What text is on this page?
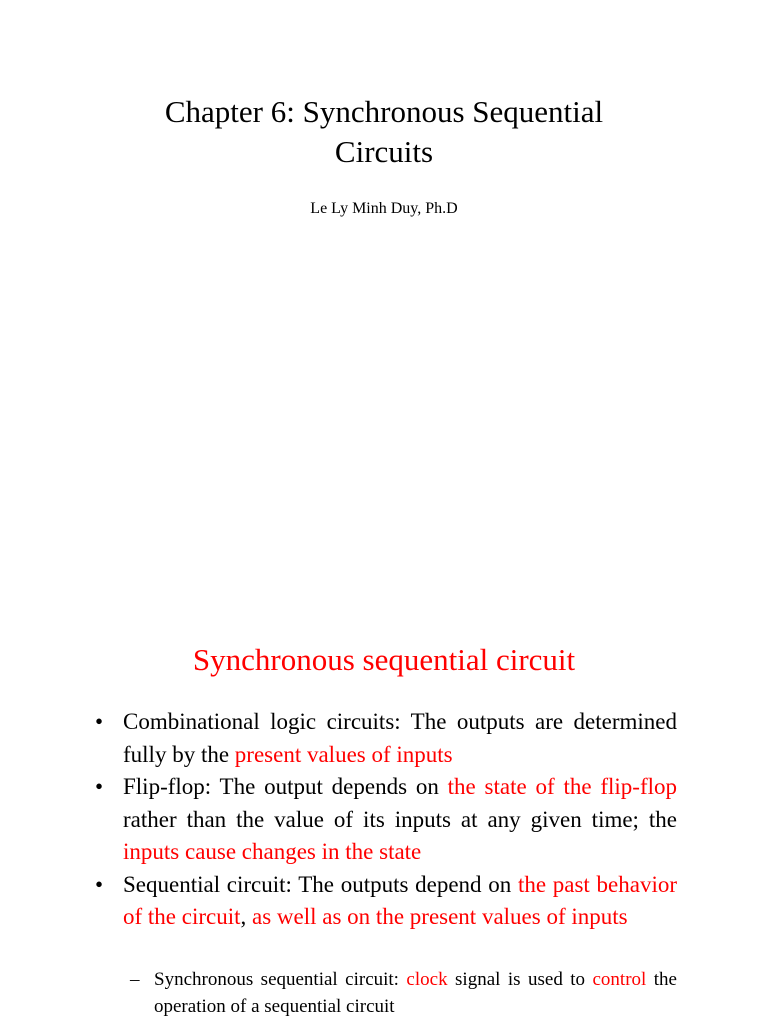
Chapter 6: Synchronous Sequential
Circuits
Le Ly Minh Duy, Ph.D
Synchronous sequential circuit
• Combinational logic circuits: The outputs are determined fully by the present values of inputs
• Flip-flop: The output depends on the state of the flip-flop rather than the value of its inputs at any given time; the inputs cause changes in the state
• Sequential circuit: The outputs depend on the past behavior of the circuit, as well as on the present values of inputs
– Synchronous sequential circuit: clock signal is used to control the operation of a sequential circuit
